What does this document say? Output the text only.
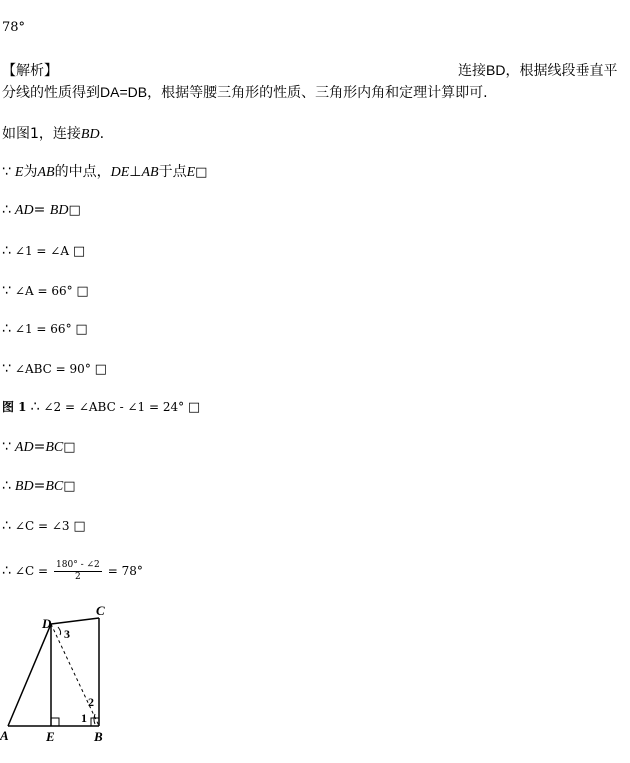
78°
【解析】	连接BD，根据线段垂直平
分线的性质得到DA=DB，根据等腰三角形的性质、三角形内角和定理计算即可.
如图1，连接BD.
∵ E为AB的中点，DE⊥AB于点E□
∴ AD= BD□
∴ ∠1 = ∠A □
∵ ∠A = 66° □
∴ ∠1 = 66° □
∵ ∠ABC = 90° □
图 1 ∴ ∠2 = ∠ABC - ∠1 = 24° □
∵ AD=BC□
∴ BD=BC□
∴ ∠C = ∠3 □
∴ ∠C = $\frac{180^\circ - \angle 2}{2} = 78^\circ$
A	E	B
C
D
3
2
1
